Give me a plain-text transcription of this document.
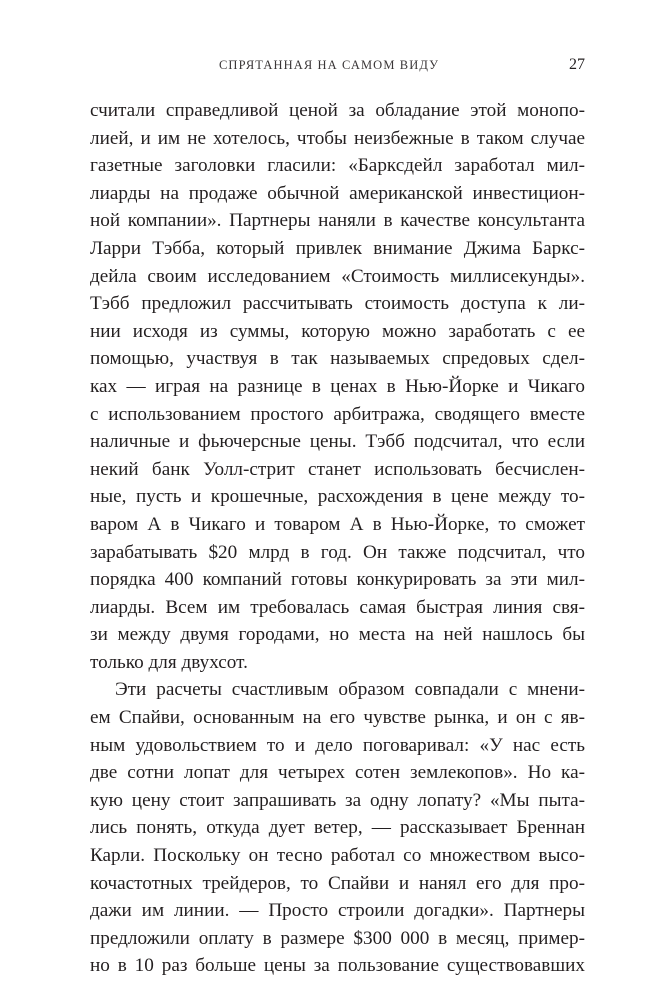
СПРЯТАННАЯ НА САМОМ ВИДУ	27
считали справедливой ценой за обладание этой монопо-
лией, и им не хотелось, чтобы неизбежные в таком случае
газетные заголовки гласили: «Барксдейл заработал мил-
лиарды на продаже обычной американской инвестицион-
ной компании». Партнеры наняли в качестве консультанта
Ларри Тэбба, который привлек внимание Джима Баркс-
дейла своим исследованием «Стоимость миллисекунды».
Тэбб предложил рассчитывать стоимость доступа к ли-
нии исходя из суммы, которую можно заработать с ее
помощью, участвуя в так называемых спредовых сдел-
ках — играя на разнице в ценах в Нью-Йорке и Чикаго
с использованием простого арбитража, сводящего вместе
наличные и фьючерсные цены. Тэбб подсчитал, что если
некий банк Уолл-стрит станет использовать бесчислен-
ные, пусть и крошечные, расхождения в цене между то-
варом А в Чикаго и товаром А в Нью-Йорке, то сможет
зарабатывать $20 млрд в год. Он также подсчитал, что
порядка 400 компаний готовы конкурировать за эти мил-
лиарды. Всем им требовалась самая быстрая линия свя-
зи между двумя городами, но места на ней нашлось бы
только для двухсот.
Эти расчеты счастливым образом совпадали с мнени-
ем Спайви, основанным на его чувстве рынка, и он с яв-
ным удовольствием то и дело поговаривал: «У нас есть
две сотни лопат для четырех сотен землекопов». Но ка-
кую цену стоит запрашивать за одну лопату? «Мы пыта-
лись понять, откуда дует ветер, — рассказывает Бреннан
Карли. Поскольку он тесно работал со множеством высо-
кочастотных трейдеров, то Спайви и нанял его для про-
дажи им линии. — Просто строили догадки». Партнеры
предложили оплату в размере $300 000 в месяц, пример-
но в 10 раз больше цены за пользование существовавших
